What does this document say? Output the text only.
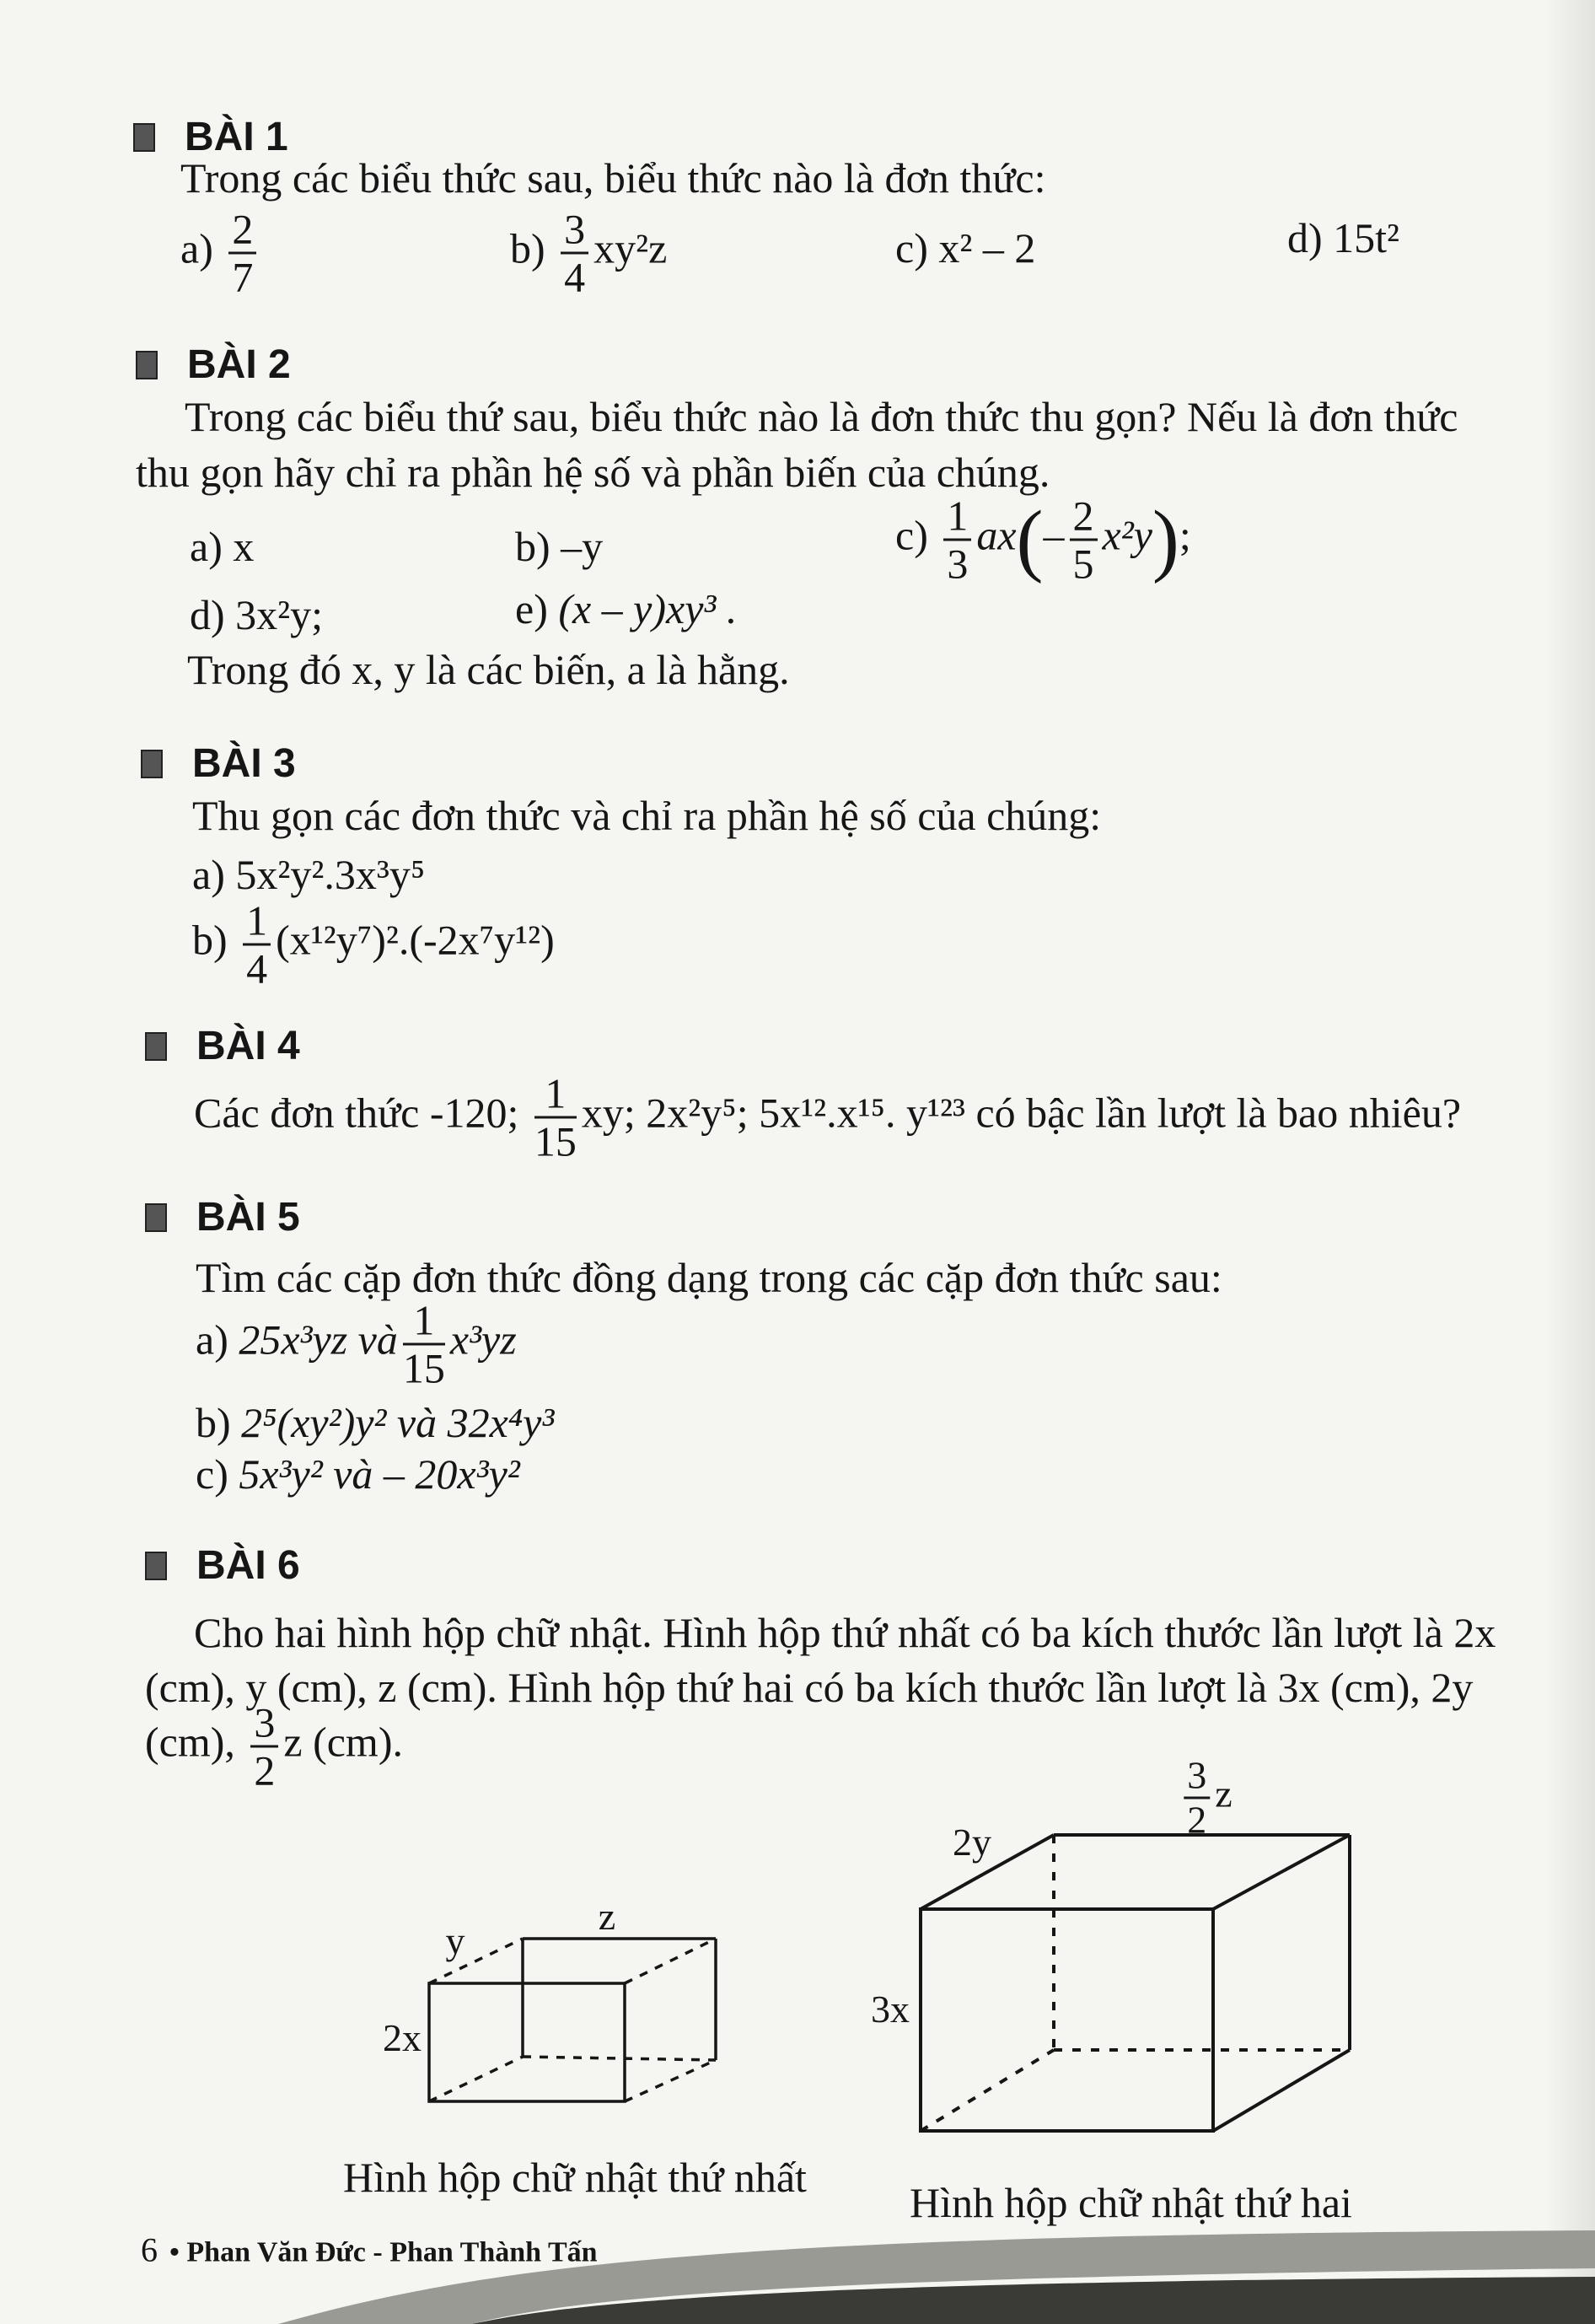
BÀI 1
Trong các biểu thức sau, biểu thức nào là đơn thức:
$a) \frac{2}{7}$	$b) \frac{3}{4} xy^2z$	c) x² – 2	d) 15t²
BÀI 2
Trong các biểu thứ sau, biểu thức nào là đơn thức thu gọn? Nếu là đơn thức
thu gọn hãy chỉ ra phần hệ số và phần biến của chúng.
a) x	b) –y	$c) \frac{1}{3} ax(- \frac{2}{5} x^2y)$;
d) 3x²y;	e) (x – y)xy³ .
Trong đó x, y là các biến, a là hằng.
BÀI 3
Thu gọn các đơn thức và chỉ ra phần hệ số của chúng:
a) 5x²y².3x³y⁵
$b) \frac{1}{4} (x^{12}y^7)^2.(-2x^7y^{12})$
BÀI 4
Các đơn thức -120; $\frac{1}{15}$ xy; 2x²y⁵; 5x¹².x¹⁵. y¹²³ có bậc lần lượt là bao nhiêu?
BÀI 5
Tìm các cặp đơn thức đồng dạng trong các cặp đơn thức sau:
a) 25x³yz và $\frac{1}{15} x^3yz$
b) 2⁵(xy²)y² và 32x⁴y³
c) 5x³y² và – 20x³y²
BÀI 6
Cho hai hình hộp chữ nhật. Hình hộp thứ nhất có ba kích thước lần lượt là 2x
(cm), y (cm), z (cm). Hình hộp thứ hai có ba kích thước lần lượt là 3x (cm), 2y
(cm), $\frac{3}{2}$ z (cm).
z
y
2x
2y
3x
$\frac{3}{2}$ z
Hình hộp chữ nhật thứ nhất
Hình hộp chữ nhật thứ hai
6 • Phan Văn Đức - Phan Thành Tấn
